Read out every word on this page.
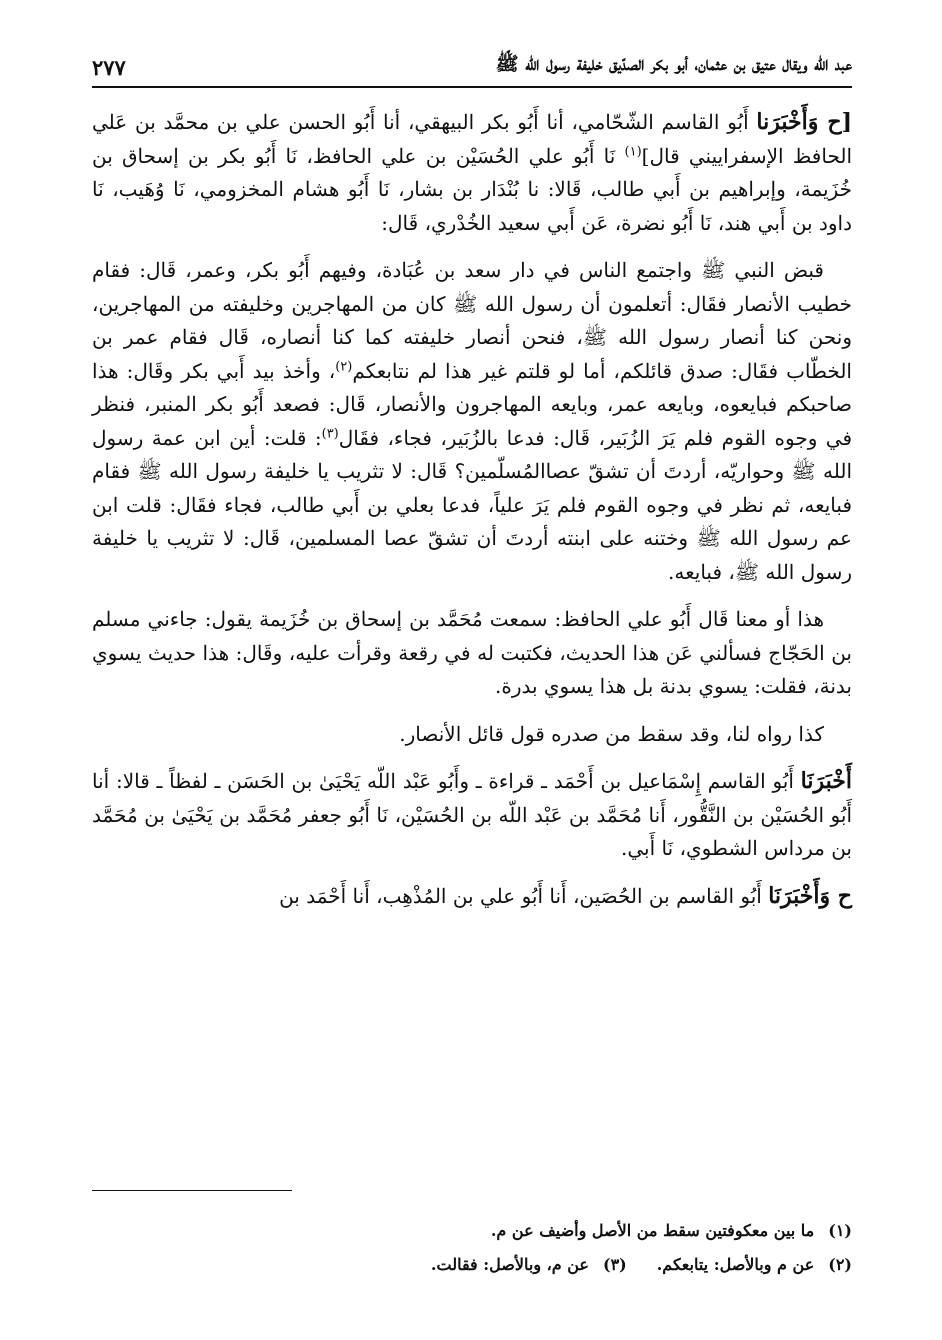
عبد الله ويقال عتيق بن عثمان، أبو بكر الصدّيق خليفة رسول الله ﷺ
٢٧٧

[ح وَأَخْبَرَنا أَبُو القاسم الشّحّامي، أنا أَبُو بكر البيهقي، أنا أَبُو الحسن علي بن محمَّد بن عَلي الحافظ الإسفراييني قال]$^{(١)}$ نَا أَبُو علي الحُسَيْن بن علي الحافظ، نَا أَبُو بكر بن إسحاق بن خُزَيمة، وإبراهيم بن أَبي طالب، قَالا: نا بُنْدَار بن بشار، نَا أَبُو هشام المخزومي، نَا وُهَيب، نَا داود بن أَبي هند، نَا أَبُو نضرة، عَن أَبي سعيد الخُدْري، قَال:

قبض النبي ﷺ واجتمع الناس في دار سعد بن عُبَادة، وفيهم أَبُو بكر، وعمر، قَال: فقام خطيب الأنصار فقَال: أتعلمون أن رسول الله ﷺ كان من المهاجرين وخليفته من المهاجرين، ونحن كنا أنصار رسول الله ﷺ، فنحن أنصار خليفته كما كنا أنصاره، قَال فقام عمر بن الخطّاب فقَال: صدق قائلكم، أما لو قلتم غير هذا لم نتابعكم$^{(٢)}$، وأخذ بيد أَبي بكر وقَال: هذا صاحبكم فبايعوه، وبايعه عمر، وبايعه المهاجرون والأنصار، قَال: فصعد أَبُو بكر المنبر، فنظر في وجوه القوم فلم يَرَ الزُبَير، قَال: فدعا بالزُبَير، فجاء، فقَال$^{(٣)}$: قلت: أين ابن عمة رسول الله ﷺ وحواريّه، أردتَ أن تشقّ عصاالمُسلّمين؟ قَال: لا تثريب يا خليفة رسول الله ﷺ فقام فبايعه، ثم نظر في وجوه القوم فلم يَرَ علياً، فدعا بعلي بن أَبي طالب، فجاء فقَال: قلت ابن عم رسول الله ﷺ وختنه على ابنته أردتَ أن تشقّ عصا المسلمين، قَال: لا تثريب يا خليفة رسول الله ﷺ، فبايعه.

هذا أو معنا قَال أَبُو علي الحافظ: سمعت مُحَمَّد بن إسحاق بن خُزَيمة يقول: جاءني مسلم بن الحَجّاج فسألني عَن هذا الحديث، فكتبت له في رقعة وقرأت عليه، وقَال: هذا حديث يسوي بدنة، فقلت: يسوي بدنة بل هذا يسوي بدرة.

كذا رواه لنا، وقد سقط من صدره قول قائل الأنصار.

أَخْبَرَنَا أَبُو القاسم إِسْمَاعيل بن أَحْمَد ـ قراءة ـ وأَبُو عَبْد اللّه يَحْيَىٰ بن الحَسَن ـ لفظاً ـ قالا: أنا أَبُو الحُسَيْن بن النَّقُّور، أَنا مُحَمَّد بن عَبْد اللّه بن الحُسَيْن، نَا أَبُو جعفر مُحَمَّد بن يَحْيَىٰ بن مُحَمَّد بن مرداس الشطوي، نَا أَبي.

ح وَأَخْبَرَنَا أَبُو القاسم بن الحُصَين، أَنا أَبُو علي بن المُذْهِب، أَنا أَحْمَد بن

(١)ما بين معكوفتين سقط من الأصل وأضيف عن م.
(٢)عن م وبالأصل: يتابعكم.
(٣)عن م، وبالأصل: فقالت.
